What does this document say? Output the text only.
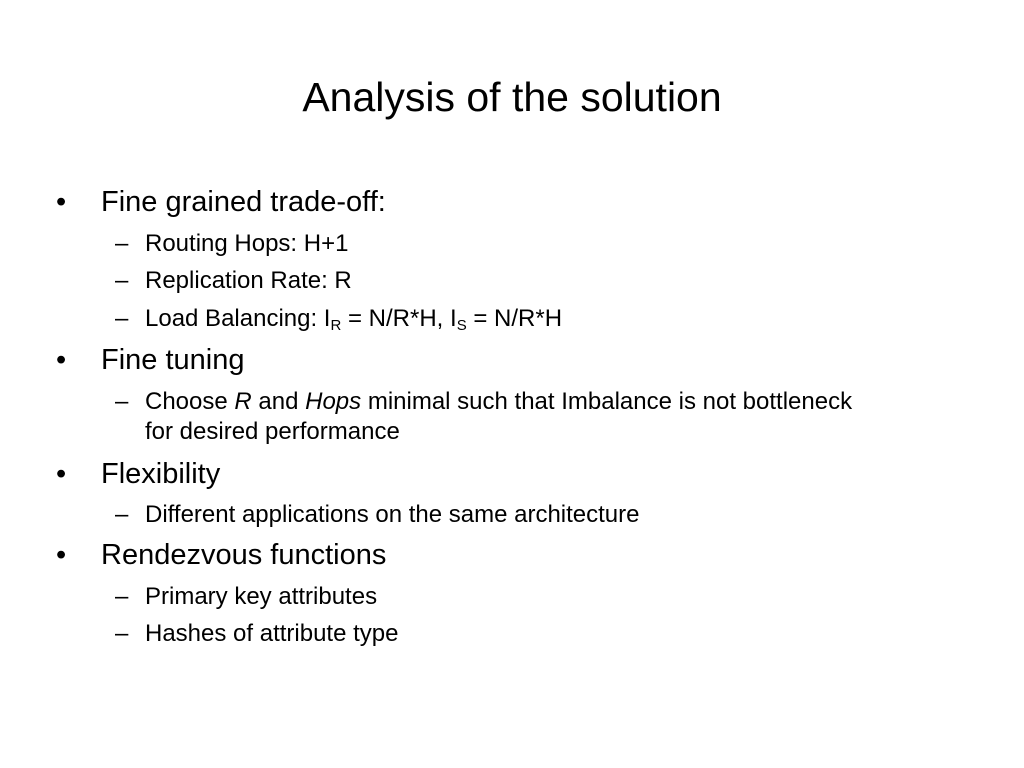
Analysis of the solution
•	Fine grained trade-off:
– Routing Hops: H+1
– Replication Rate: R
– Load Balancing: $I_R = N/R*H$, $I_S = N/R*H$
•	Fine tuning
– Choose R and Hops minimal such that Imbalance is not bottleneck for desired performance
•	Flexibility
– Different applications on the same architecture
•	Rendezvous functions
– Primary key attributes
– Hashes of attribute type
